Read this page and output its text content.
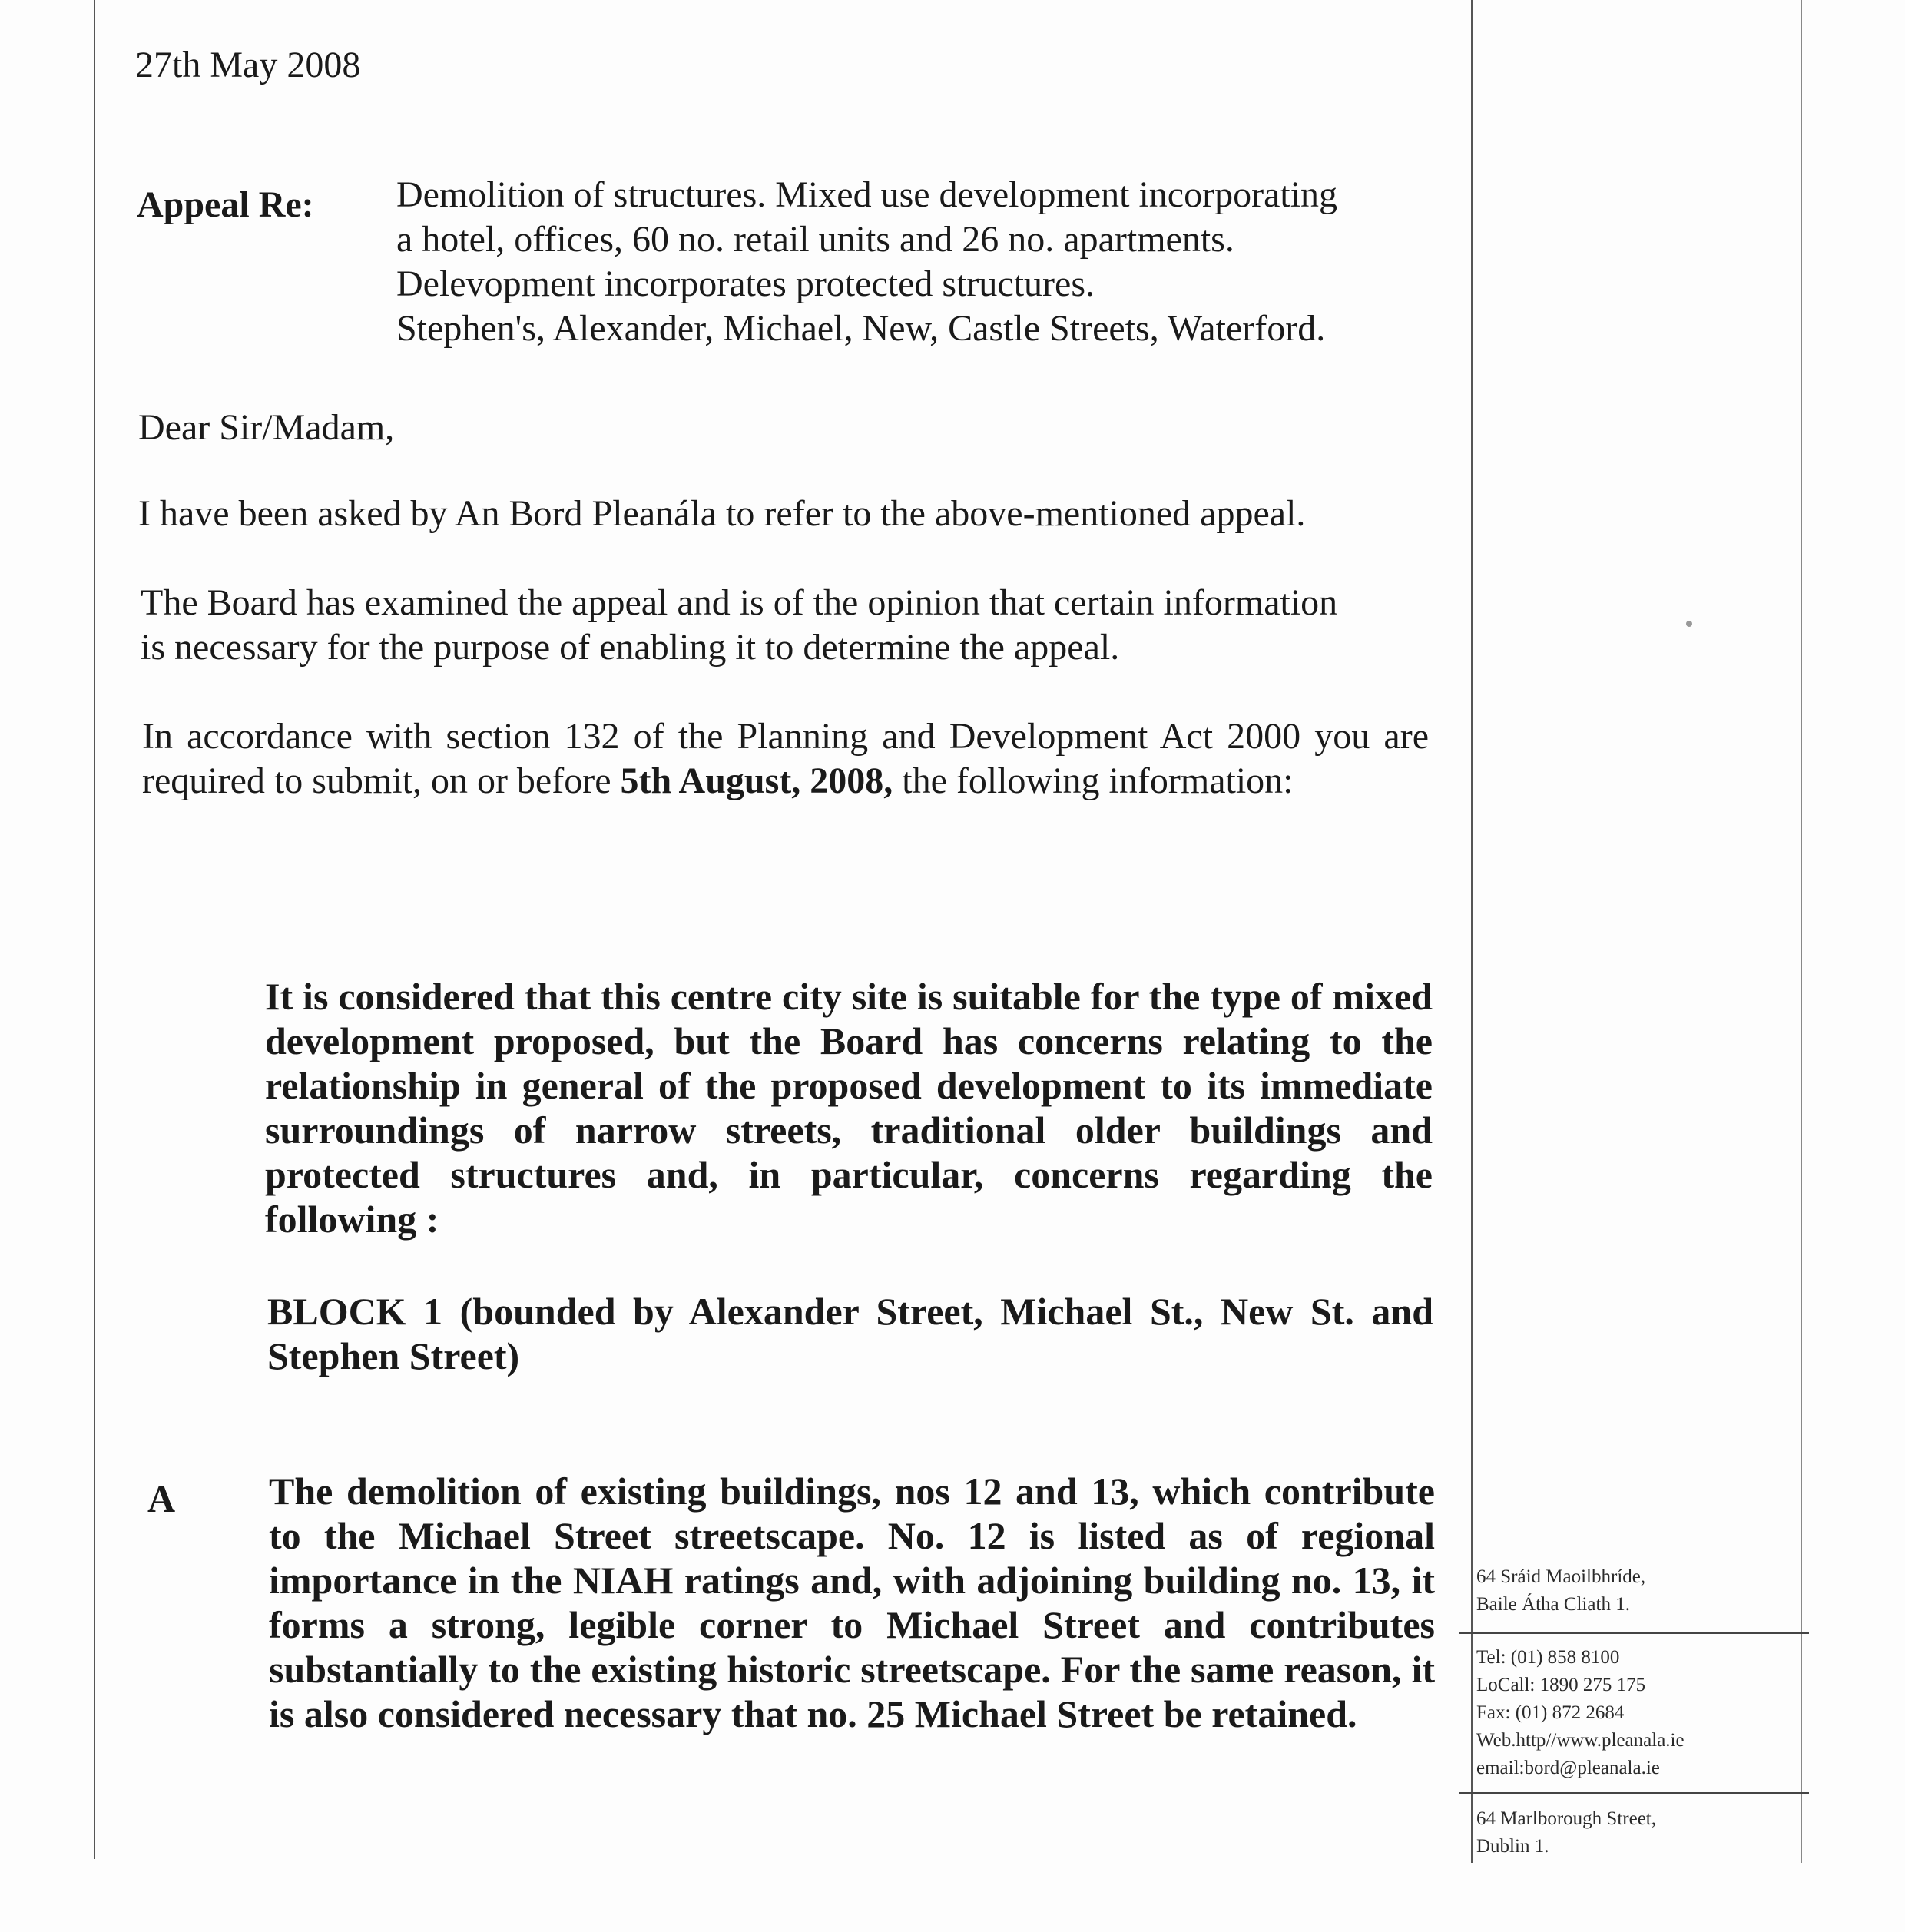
27th May 2008
Appeal Re: Demolition of structures. Mixed use development incorporating
a hotel, offices, 60 no. retail units and 26 no. apartments.
Delevopment incorporates protected structures.
Stephen's, Alexander, Michael, New, Castle Streets, Waterford.
Dear Sir/Madam,
I have been asked by An Bord Pleanála to refer to the above-mentioned appeal.
The Board has examined the appeal and is of the opinion that certain information
is necessary for the purpose of enabling it to determine the appeal.

In accordance with section 132 of the Planning and Development Act 2000 you are required to submit, on or before 5th August, 2008, the following information:

It is considered that this centre city site is suitable for the type of mixed development proposed, but the Board has concerns relating to the relationship in general of the proposed development to its immediate surroundings of narrow streets, traditional older buildings and protected structures and, in particular, concerns regarding the following :

BLOCK 1 (bounded by Alexander Street, Michael St., New St. and Stephen Street)

A The demolition of existing buildings, nos 12 and 13, which contribute to the Michael Street streetscape. No. 12 is listed as of regional importance in the NIAH ratings and, with adjoining building no. 13, it forms a strong, legible corner to Michael Street and contributes substantially to the existing historic streetscape. For the same reason, it is also considered necessary that no. 25 Michael Street be retained.

64 Sráid Maoilbhríde,
Baile Átha Cliath 1.
Tel: (01) 858 8100
LoCall: 1890 275 175
Fax: (01) 872 2684
Web.http//www.pleanala.ie
email:bord@pleanala.ie
64 Marlborough Street,
Dublin 1.
